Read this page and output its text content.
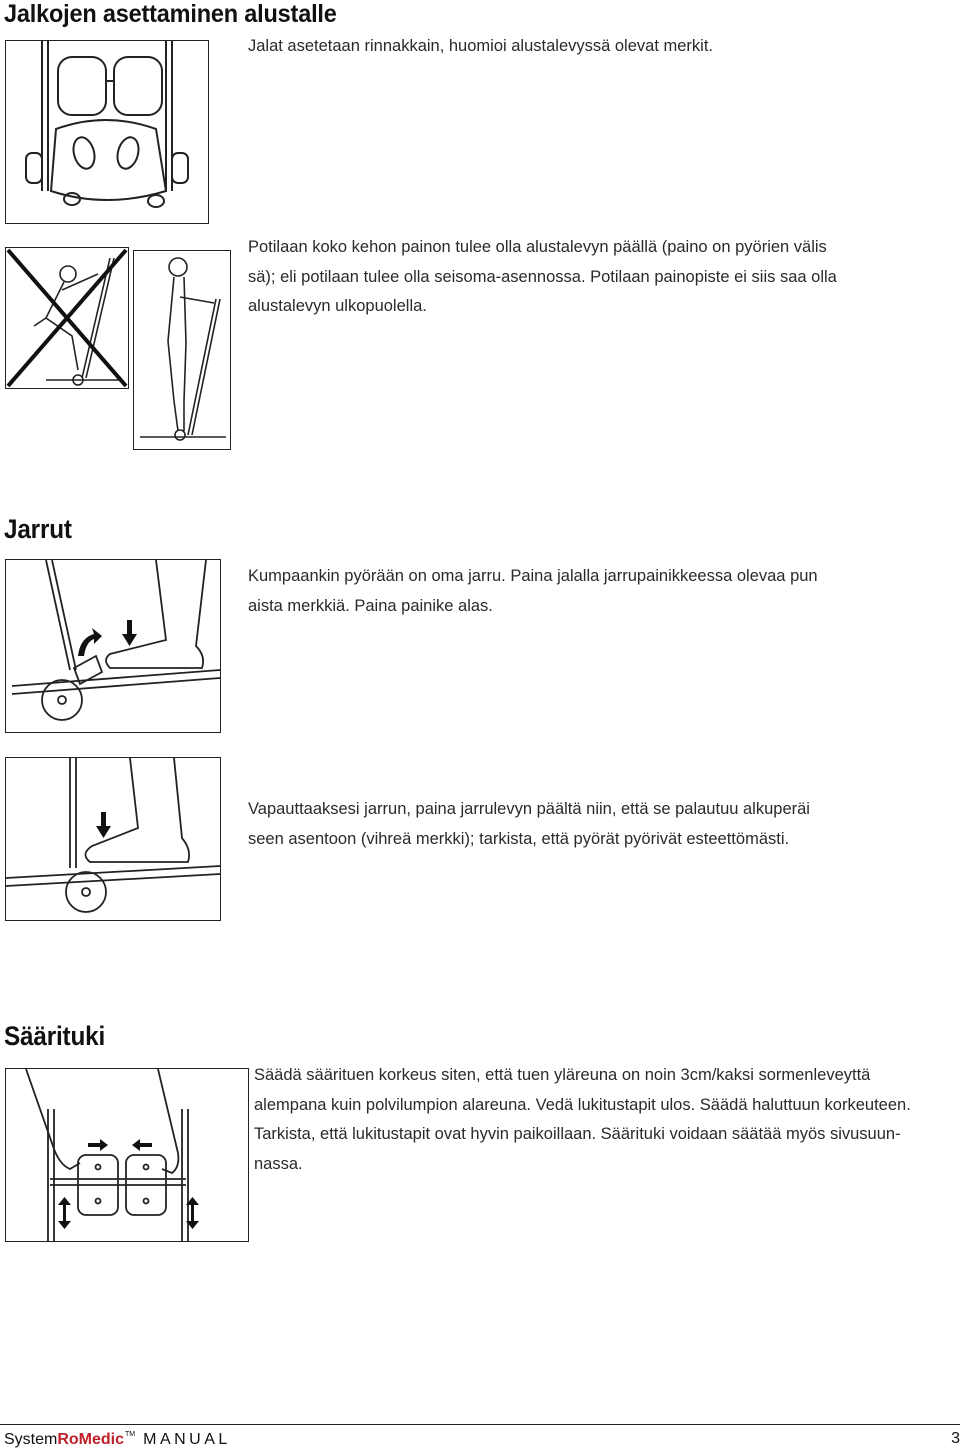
Jalkojen asettaminen alustalle

Jalat asetetaan rinnakkain, huomioi alustalevyssä olevat merkit.

Potilaan koko kehon painon tulee olla alustalevyn päällä (paino on pyörien välis
sä); eli potilaan tulee olla seisoma-asennossa. Potilaan painopiste ei siis saa olla
alustalevyn ulkopuolella.

Jarrut

Kumpaankin pyörään on oma jarru. Paina jalalla jarrupainikkeessa olevaa pun
aista merkkiä. Paina painike alas.

Vapauttaaksesi jarrun, paina jarrulevyn päältä niin, että se palautuu alkuperäi
seen asentoon (vihreä merkki); tarkista, että pyörät pyörivät esteettömästi.

Säärituki

Säädä säärituen korkeus siten, että tuen yläreuna on noin 3cm/kaksi sormenleveyttä
alempana kuin polvilumpion alareuna. Vedä lukitustapit ulos. Säädä haluttuun korkeuteen.
Tarkista, että lukitustapit ovat hyvin paikoillaan. Säärituki voidaan säätää myös sivusuun-
nassa.

SystemRoMedic™ MANUAL	3
